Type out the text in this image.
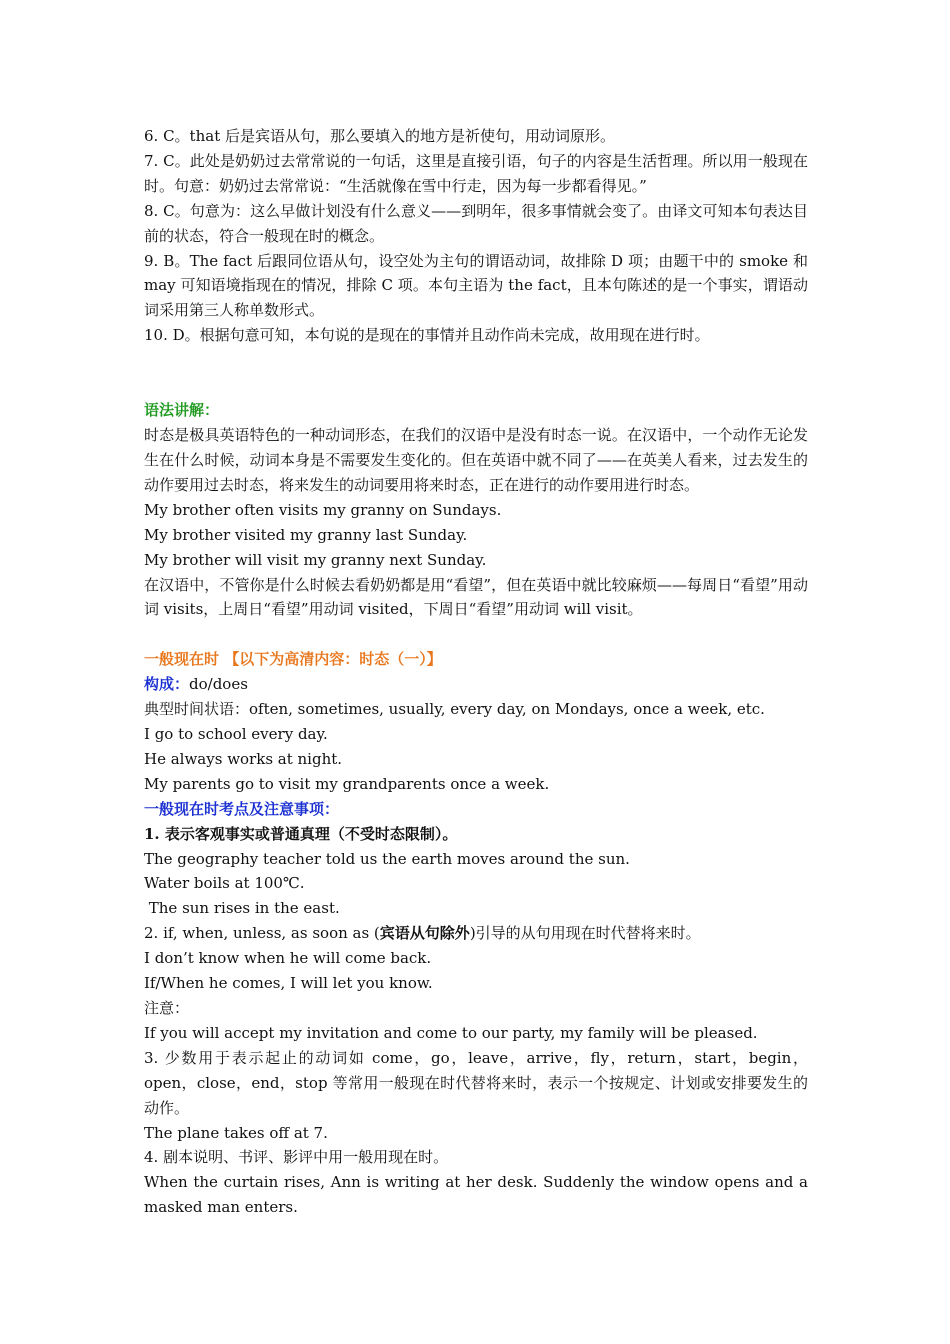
6. C。that 后是宾语从句，那么要填入的地方是祈使句，用动词原形。
7. C。此处是奶奶过去常常说的一句话，这里是直接引语，句子的内容是生活哲理。所以用一般现在时。句意：奶奶过去常常说：“生活就像在雪中行走，因为每一步都看得见。”
8. C。句意为：这么早做计划没有什么意义——到明年，很多事情就会变了。由译文可知本句表达目前的状态，符合一般现在时的概念。
9. B。The fact 后跟同位语从句，设空处为主句的谓语动词，故排除 D 项；由题干中的 smoke 和 may 可知语境指现在的情况，排除 C 项。本句主语为 the fact，且本句陈述的是一个事实，谓语动词采用第三人称单数形式。
10. D。根据句意可知，本句说的是现在的事情并且动作尚未完成，故用现在进行时。
语法讲解：
时态是极具英语特色的一种动词形态，在我们的汉语中是没有时态一说。在汉语中，一个动作无论发生在什么时候，动词本身是不需要发生变化的。但在英语中就不同了——在英美人看来，过去发生的动作要用过去时态，将来发生的动词要用将来时态，正在进行的动作要用进行时态。
My brother often visits my granny on Sundays.
My brother visited my granny last Sunday.
My brother will visit my granny next Sunday.
在汉语中，不管你是什么时候去看奶奶都是用“看望”，但在英语中就比较麻烦——每周日“看望”用动词 visits，上周日“看望”用动词 visited，下周日“看望”用动词 will visit。
一般现在时 【以下为高清内容：时态（一）】
构成：do/does
典型时间状语：often, sometimes, usually, every day, on Mondays, once a week, etc.
I go to school every day.
He always works at night.
My parents go to visit my grandparents once a week.
一般现在时考点及注意事项：
1. 表示客观事实或普通真理（不受时态限制）。
The geography teacher told us the earth moves around the sun.
Water boils at 100℃.
The sun rises in the east.
2. if, when, unless, as soon as (宾语从句除外)引导的从句用现在时代替将来时。
I don’t know when he will come back.
If/When he comes, I will let you know.
注意：
If you will accept my invitation and come to our party, my family will be pleased.
3. 少数用于表示起止的动词如 come，go，leave，arrive，fly，return，start，begin，open，close，end，stop 等常用一般现在时代替将来时，表示一个按规定、计划或安排要发生的动作。
The plane takes off at 7.
4. 剧本说明、书评、影评中用一般用现在时。
When the curtain rises, Ann is writing at her desk. Suddenly the window opens and a masked man enters.
